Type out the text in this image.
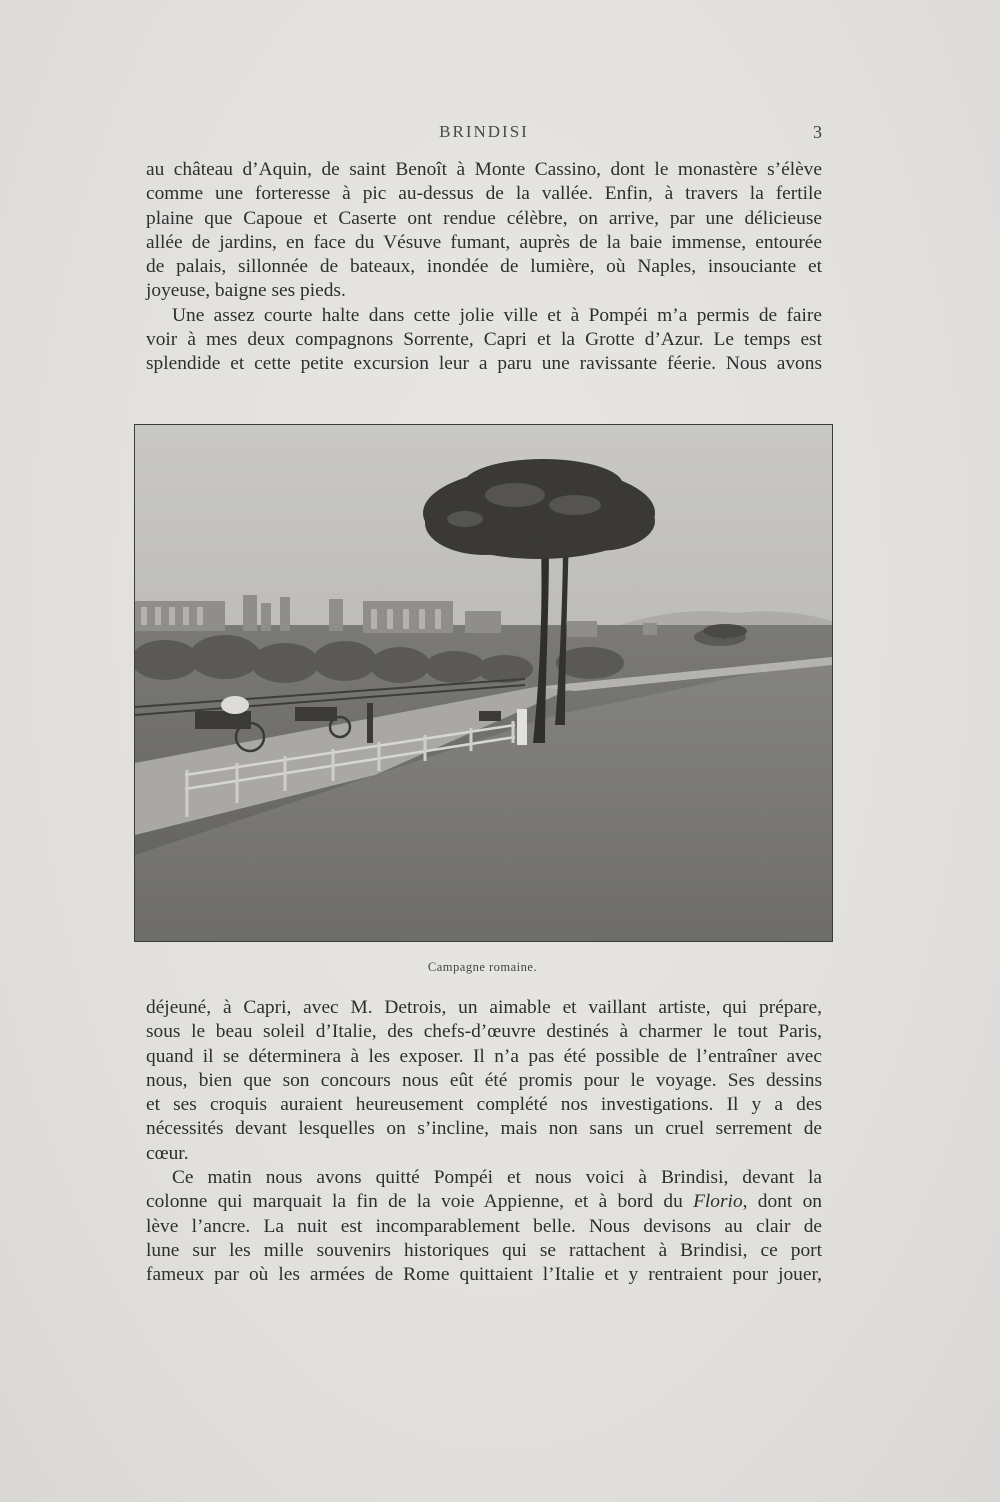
BRINDISI	3

au château d’Aquin, de saint Benoît à Monte Cassino, dont le monastère s’élève
comme une forteresse à pic au-dessus de la vallée. Enfin, à travers la fertile
plaine que Capoue et Caserte ont rendue célèbre, on arrive, par une délicieuse
allée de jardins, en face du Vésuve fumant, auprès de la baie immense, entourée
de palais, sillonnée de bateaux, inondée de lumière, où Naples, insouciante et
joyeuse, baigne ses pieds.

Une assez courte halte dans cette jolie ville et à Pompéi m’a permis de faire
voir à mes deux compagnons Sorrente, Capri et la Grotte d’Azur. Le temps est
splendide et cette petite excursion leur a paru une ravissante féerie. Nous avons

Campagne romaine.

déjeuné, à Capri, avec M. Detrois, un aimable et vaillant artiste, qui prépare,
sous le beau soleil d’Italie, des chefs-d’œuvre destinés à charmer le tout Paris,
quand il se déterminera à les exposer. Il n’a pas été possible de l’entraîner avec
nous, bien que son concours nous eût été promis pour le voyage. Ses dessins
et ses croquis auraient heureusement complété nos investigations. Il y a des
nécessités devant lesquelles on s’incline, mais non sans un cruel serrement de
cœur.

Ce matin nous avons quitté Pompéi et nous voici à Brindisi, devant la
colonne qui marquait la fin de la voie Appienne, et à bord du Florio, dont on
lève l’ancre. La nuit est incomparablement belle. Nous devisons au clair de
lune sur les mille souvenirs historiques qui se rattachent à Brindisi, ce port
fameux par où les armées de Rome quittaient l’Italie et y rentraient pour jouer,
